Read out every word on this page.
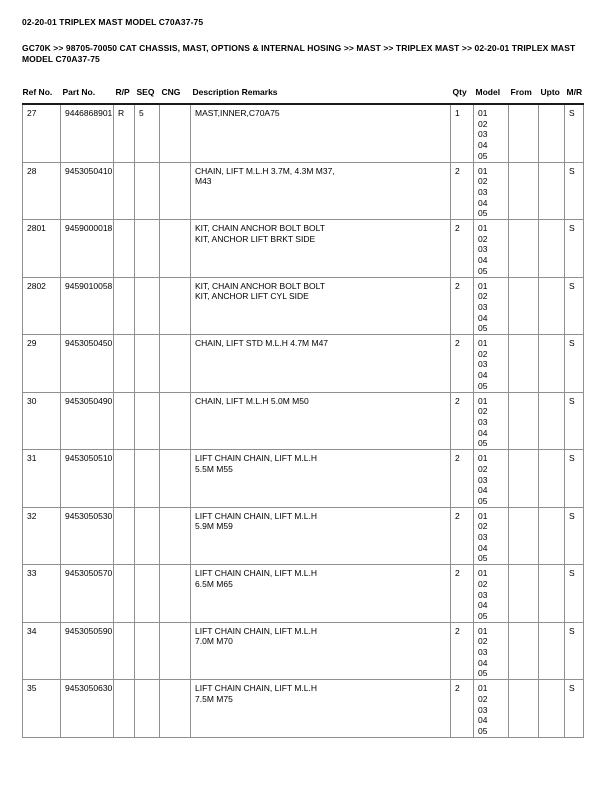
02-20-01 TRIPLEX MAST MODEL C70A37-75
GC70K >> 98705-70050 CAT CHASSIS, MAST, OPTIONS & INTERNAL HOSING >> MAST >> TRIPLEX MAST >> 02-20-01 TRIPLEX MAST MODEL C70A37-75
Ref No.	Part No.	R/P	SEQ	CNG	Description Remarks	Qty	Model	From	Upto	M/R
27	9446868901	R	5		MAST,INNER,C70A75	1	01
02
03
04
05			S
28	9453050410				CHAIN, LIFT M.L.H 3.7M, 4.3M M37,
M43
	2	01
02
03
04
05
			S
2801	9459000018				KIT, CHAIN ANCHOR BOLT BOLT
KIT, ANCHOR LIFT BRKT SIDE
	2	01
02
03
04
05
			S
2802	9459010058				KIT, CHAIN ANCHOR BOLT BOLT
KIT, ANCHOR LIFT CYL SIDE
	2	01
02
03
04
05
			S
29	9453050450				CHAIN, LIFT STD M.L.H 4.7M M47	2	01
02
03
04
05			S
30	9453050490				CHAIN, LIFT M.L.H 5.0M M50	2	01
02
03
04
05			S
31	9453050510				LIFT CHAIN CHAIN, LIFT M.L.H
5.5M M55
	2	01
02
03
04
05
			S
32	9453050530				LIFT CHAIN CHAIN, LIFT M.L.H
5.9M M59
	2	01
02
03
04
05
			S
33	9453050570				LIFT CHAIN CHAIN, LIFT M.L.H
6.5M M65
	2	01
02
03
04
05
			S
34	9453050590				LIFT CHAIN CHAIN, LIFT M.L.H
7.0M M70
	2	01
02
03
04
05
			S
35	9453050630				LIFT CHAIN CHAIN, LIFT M.L.H
7.5M M75
	2	01
02
03
04
05
			S
